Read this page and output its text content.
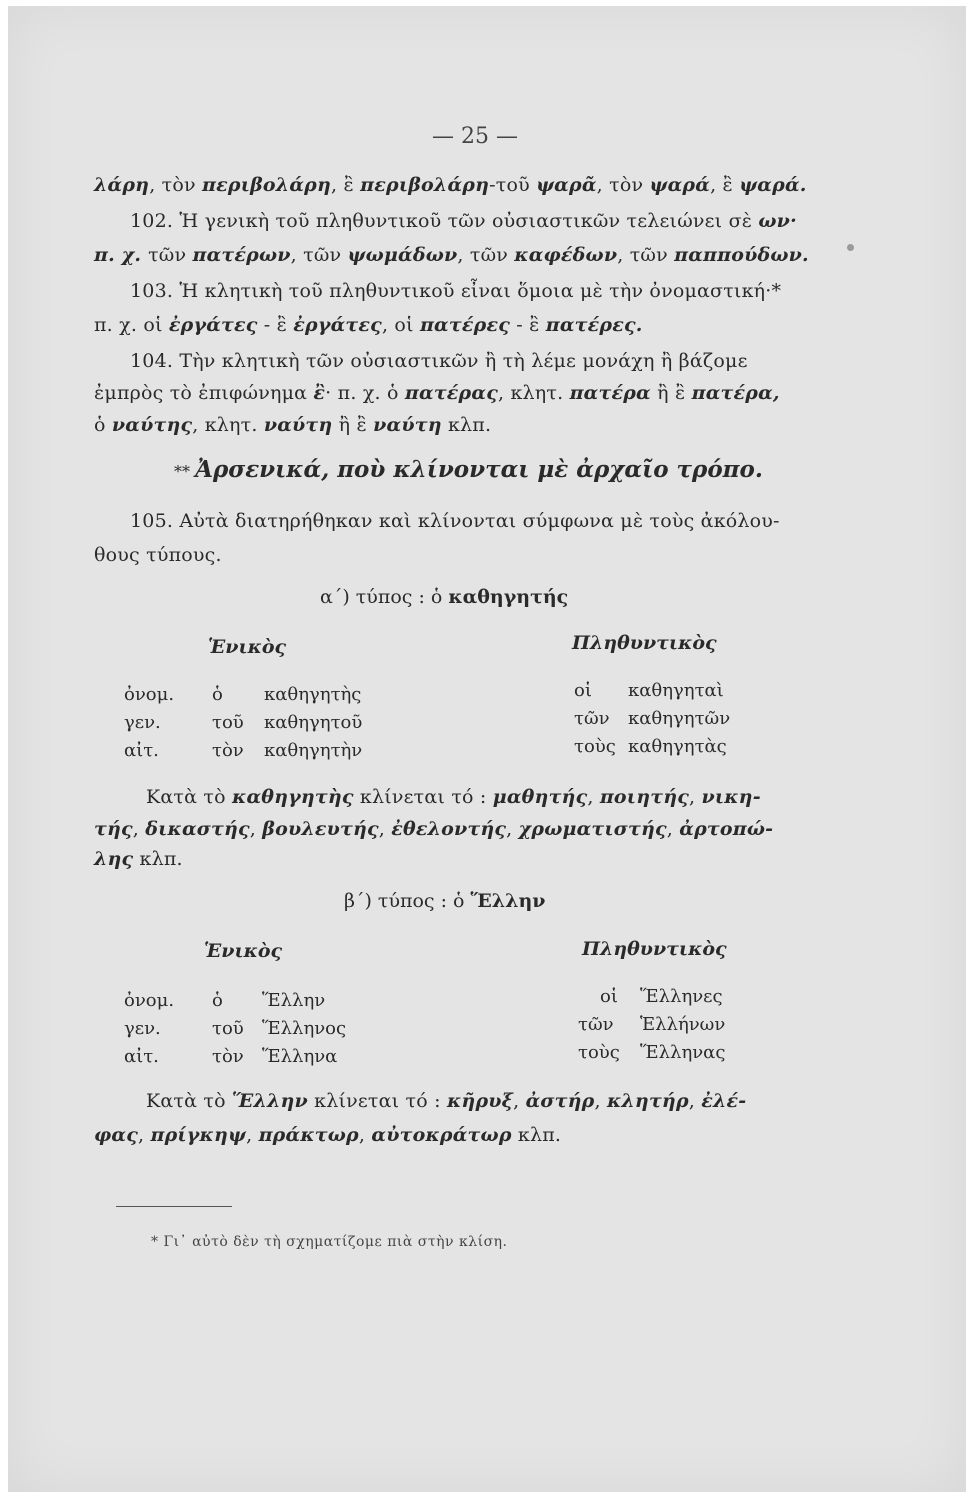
— 25 —
λάρη, τὸν περιβολάρη, ἒ περιβολάρη-τοῦ ψαρᾶ, τὸν ψαρά, ἒ ψαρά.
102. Ἡ γενικὴ τοῦ πληθυντικοῦ τῶν οὐσιαστικῶν τελειώνει σὲ ων·
π. χ. τῶν πατέρων, τῶν ψωμάδων, τῶν καφέδων, τῶν παππούδων.
103. Ἡ κλητικὴ τοῦ πληθυντικοῦ εἶναι ὅμοια μὲ τὴν ὀνομαστική·*
π. χ. οἱ ἐργάτες - ἒ ἐργάτες, οἱ πατέρες - ἒ πατέρες.
104. Τὴν κλητικὴ τῶν οὐσιαστικῶν ἢ τὴ λέμε μονάχη ἢ βάζομε
ἐμπρὸς τὸ ἐπιφώνημα ἒ· π. χ. ὁ πατέρας, κλητ. πατέρα ἢ ἒ πατέρα,
ὁ ναύτης, κλητ. ναύτη ἢ ἒ ναύτη κλπ.
** Ἀρσενικά, ποὺ κλίνονται μὲ ἀρχαῖο τρόπο.
105. Αὐτὰ διατηρήθηκαν καὶ κλίνονται σύμφωνα μὲ τοὺς ἀκόλου-
θους τύπους.
α΄) τύπος : ὁ καθηγητής
Ἑνικὸς	Πληθυντικὸς
ὀνομ. ὁ καθηγητὴς	οἱ καθηγηταὶ
γεν.	τοῦ καθηγητοῦ	τῶν καθηγητῶν
αἰτ.	τὸν καθηγητὴν	τοὺς καθηγητὰς
Κατὰ τὸ καθηγητὴς κλίνεται τό : μαθητής, ποιητής, νικη-
τής, δικαστής, βουλευτής, ἐθελοντής, χρωματιστής, ἀρτοπώ-
λης κλπ.
β΄) τύπος : ὁ Ἕλλην
Ἑνικὸς	Πληθυντικὸς
ὀνομ. ὁ Ἕλλην	οἱ Ἕλληνες
γεν.	τοῦ Ἕλληνος	τῶν Ἑλλήνων
αἰτ.	τὸν Ἕλληνα	τοὺς Ἕλληνας
Κατὰ τὸ Ἕλλην κλίνεται τό : κῆρυξ, ἀστήρ, κλητήρ, ἐλέ-
φας, πρίγκηψ, πράκτωρ, αὐτοκράτωρ κλπ.
* Γι᾽ αὐτὸ δὲν τὴ σχηματίζομε πιὰ στὴν κλίση.
